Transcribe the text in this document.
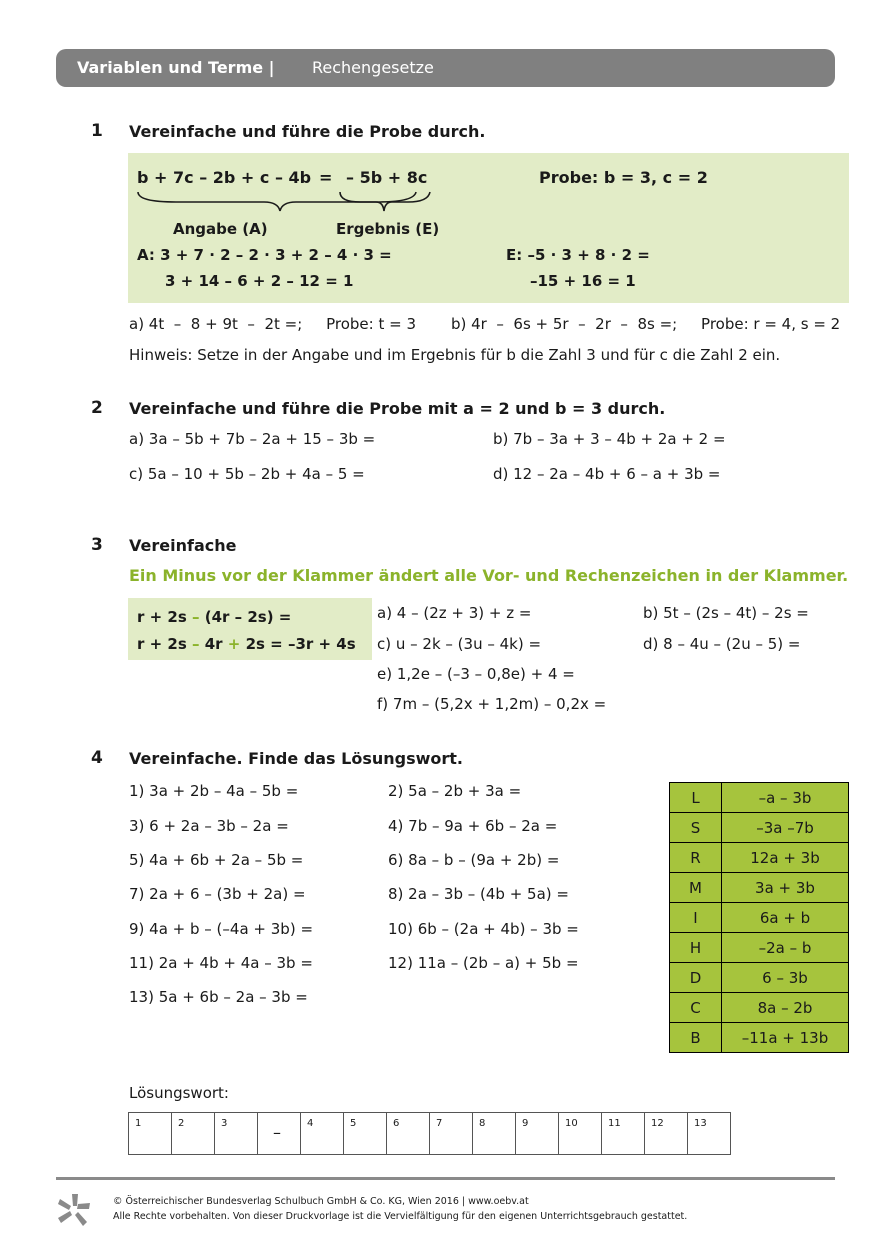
Variablen und Terme | Rechengesetze
1 Vereinfache und führe die Probe durch.
b + 7c – 2b + c – 4b = – 5b + 8c	Probe: b = 3, c = 2
Angabe (A)	Ergebnis (E)
A: 3 + 7 · 2 – 2 · 3 + 2 – 4 · 3 =
3 + 14 – 6 + 2 – 12 = 1
E: –5 · 3 + 8 · 2 =
–15 + 16 = 1
a) 4t  –  8 + 9t  –  2t =;     Probe: t = 3 b) 4r  –  6s + 5r  –  2r  –  8s =;     Probe: r = 4, s = 2
Hinweis: Setze in der Angabe und im Ergebnis für b die Zahl 3 und für c die Zahl 2 ein.
2 Vereinfache und führe die Probe mit a = 2 und b = 3 durch.
a) 3a – 5b + 7b – 2a + 15 – 3b =	b) 7b – 3a + 3 – 4b + 2a + 2 =
c) 5a – 10 + 5b – 2b + 4a – 5 =	d) 12 – 2a – 4b + 6 – a + 3b =
3 Vereinfache
Ein Minus vor der Klammer ändert alle Vor- und Rechenzeichen in der Klammer.
r + 2s – (4r – 2s) =
r + 2s – 4r + 2s = –3r + 4s
a) 4 – (2z + 3) + z =	b) 5t – (2s – 4t) – 2s =
c) u – 2k – (3u – 4k) =	d) 8 – 4u – (2u – 5) =
e) 1,2e – (–3 – 0,8e) + 4 =
f) 7m – (5,2x + 1,2m) – 0,2x =
4 Vereinfache. Finde das Lösungswort.
1) 3a + 2b – 4a – 5b =	2) 5a – 2b + 3a =
3) 6 + 2a – 3b – 2a =	4) 7b – 9a + 6b – 2a =
5) 4a + 6b + 2a – 5b =	6) 8a – b – (9a + 2b) =
7) 2a + 6 – (3b + 2a) =	8) 2a – 3b – (4b + 5a) =
9) 4a + b – (–4a + 3b) =	10) 6b – (2a + 4b) – 3b =
11) 2a + 4b + 4a – 3b =	12) 11a – (2b – a) + 5b =
13) 5a + 6b – 2a – 3b =
L	–a – 3b
S	–3a –7b
R	12a + 3b
M	3a + 3b
I	6a + b
H	–2a – b
D	6 – 3b
C	8a – 2b
B	–11a + 13b
Lösungswort:
1	2	3	–	4	5	6	7	8	9	10	11	12	13
© Österreichischer Bundesverlag Schulbuch GmbH & Co. KG, Wien 2016 | www.oebv.at
Alle Rechte vorbehalten. Von dieser Druckvorlage ist die Vervielfältigung für den eigenen Unterrichtsgebrauch gestattet.
